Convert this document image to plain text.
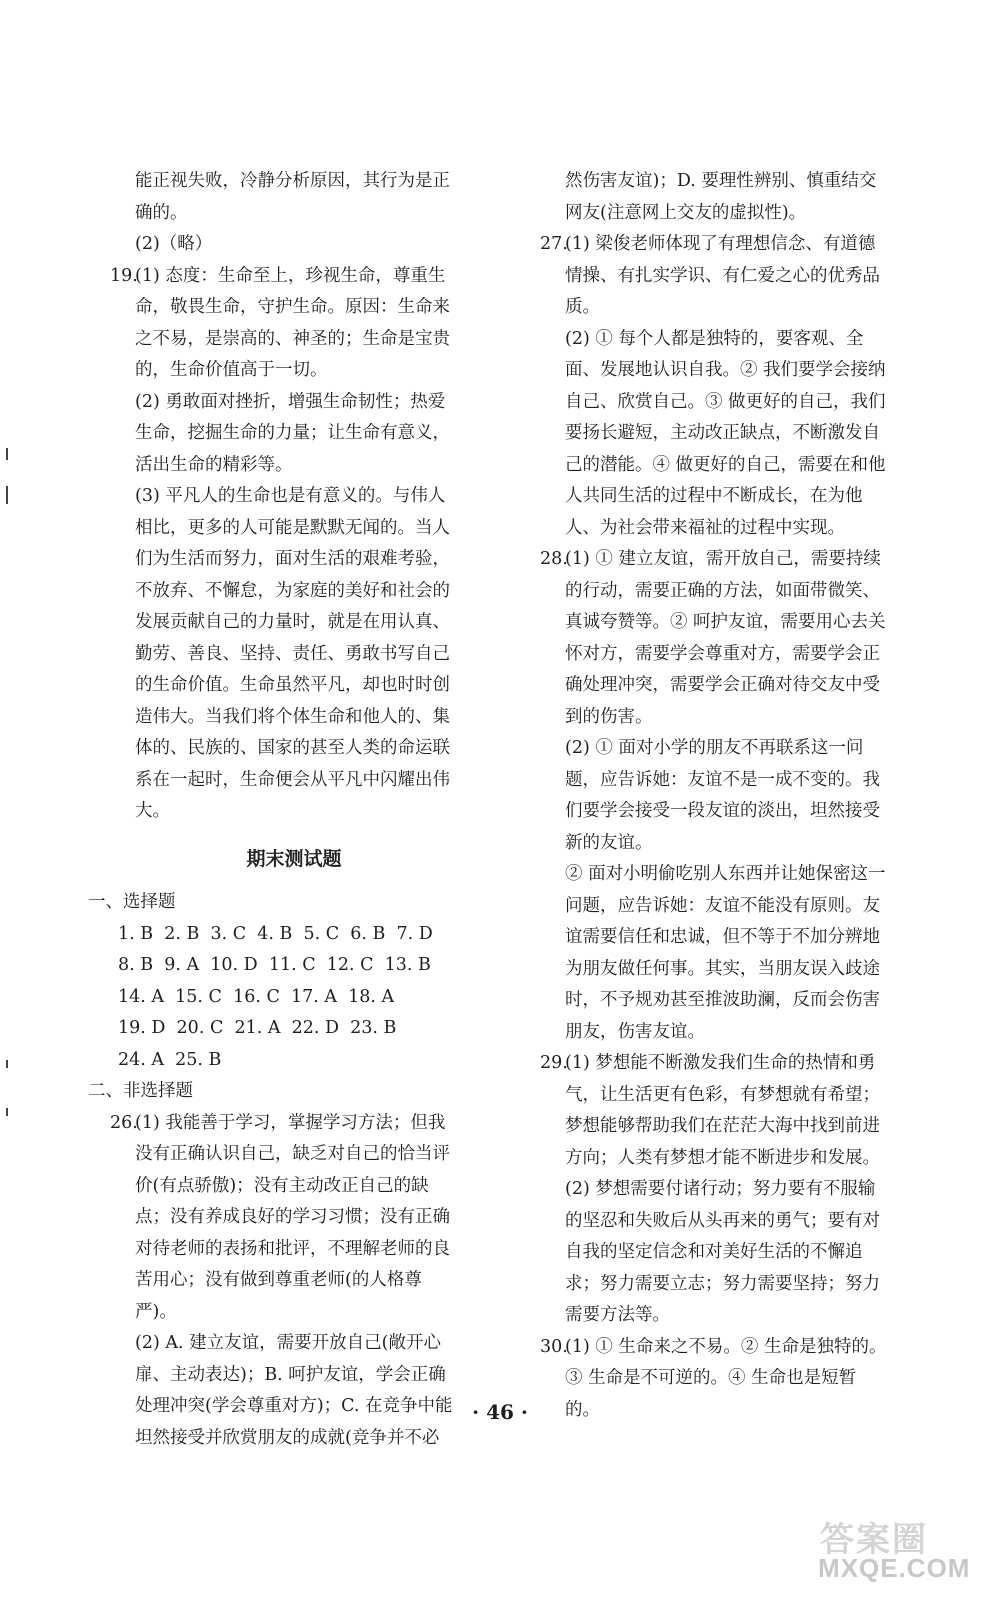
能正视失败，冷静分析原因，其行为是正确的。
(2)（略）
19.
(1) 态度：生命至上，珍视生命，尊重生命，敬畏生命，守护生命。原因：生命来之不易，是崇高的、神圣的；生命是宝贵的，生命价值高于一切。
(2) 勇敢面对挫折，增强生命韧性；热爱生命，挖掘生命的力量；让生命有意义，活出生命的精彩等。
(3) 平凡人的生命也是有意义的。与伟人相比，更多的人可能是默默无闻的。当人们为生活而努力，面对生活的艰难考验，不放弃、不懈怠，为家庭的美好和社会的发展贡献自己的力量时，就是在用认真、勤劳、善良、坚持、责任、勇敢书写自己的生命价值。生命虽然平凡，却也时时创造伟大。当我们将个体生命和他人的、集体的、民族的、国家的甚至人类的命运联系在一起时，生命便会从平凡中闪耀出伟大。
期末测试题
一、选择题
1. B  2. B  3. C  4. B  5. C  6. B  7. D
8. B  9. A  10. D  11. C  12. C  13. B
14. A  15. C  16. C  17. A  18. A
19. D  20. C  21. A  22. D  23. B
24. A  25. B
二、非选择题
26.
(1) 我能善于学习，掌握学习方法；但我没有正确认识自己，缺乏对自己的恰当评价(有点骄傲)；没有主动改正自己的缺点；没有养成良好的学习习惯；没有正确对待老师的表扬和批评，不理解老师的良苦用心；没有做到尊重老师(的人格尊严)。
(2) A. 建立友谊，需要开放自己(敞开心扉、主动表达)；B. 呵护友谊，学会正确处理冲突(学会尊重对方)；C. 在竞争中能坦然接受并欣赏朋友的成就(竞争并不必
然伤害友谊)；D. 要理性辨别、慎重结交网友(注意网上交友的虚拟性)。
27.
(1) 梁俊老师体现了有理想信念、有道德情操、有扎实学识、有仁爱之心的优秀品质。
(2) ① 每个人都是独特的，要客观、全面、发展地认识自我。② 我们要学会接纳自己、欣赏自己。③ 做更好的自己，我们要扬长避短，主动改正缺点，不断激发自己的潜能。④ 做更好的自己，需要在和他人共同生活的过程中不断成长，在为他人、为社会带来福祉的过程中实现。
28.
(1) ① 建立友谊，需开放自己，需要持续的行动，需要正确的方法，如面带微笑、真诚夸赞等。② 呵护友谊，需要用心去关怀对方，需要学会尊重对方，需要学会正确处理冲突，需要学会正确对待交友中受到的伤害。
(2) ① 面对小学的朋友不再联系这一问题，应告诉她：友谊不是一成不变的。我们要学会接受一段友谊的淡出，坦然接受新的友谊。
② 面对小明偷吃别人东西并让她保密这一问题，应告诉她：友谊不能没有原则。友谊需要信任和忠诚，但不等于不加分辨地为朋友做任何事。其实，当朋友误入歧途时，不予规劝甚至推波助澜，反而会伤害朋友，伤害友谊。
29.
(1) 梦想能不断激发我们生命的热情和勇气，让生活更有色彩，有梦想就有希望；梦想能够帮助我们在茫茫大海中找到前进方向；人类有梦想才能不断进步和发展。
(2) 梦想需要付诸行动；努力要有不服输的坚忍和失败后从头再来的勇气；要有对自我的坚定信念和对美好生活的不懈追求；努力需要立志；努力需要坚持；努力需要方法等。
30.
(1) ① 生命来之不易。② 生命是独特的。③ 生命是不可逆的。④ 生命也是短暂的。
· 46 ·
答案圈
MXQE.COM
